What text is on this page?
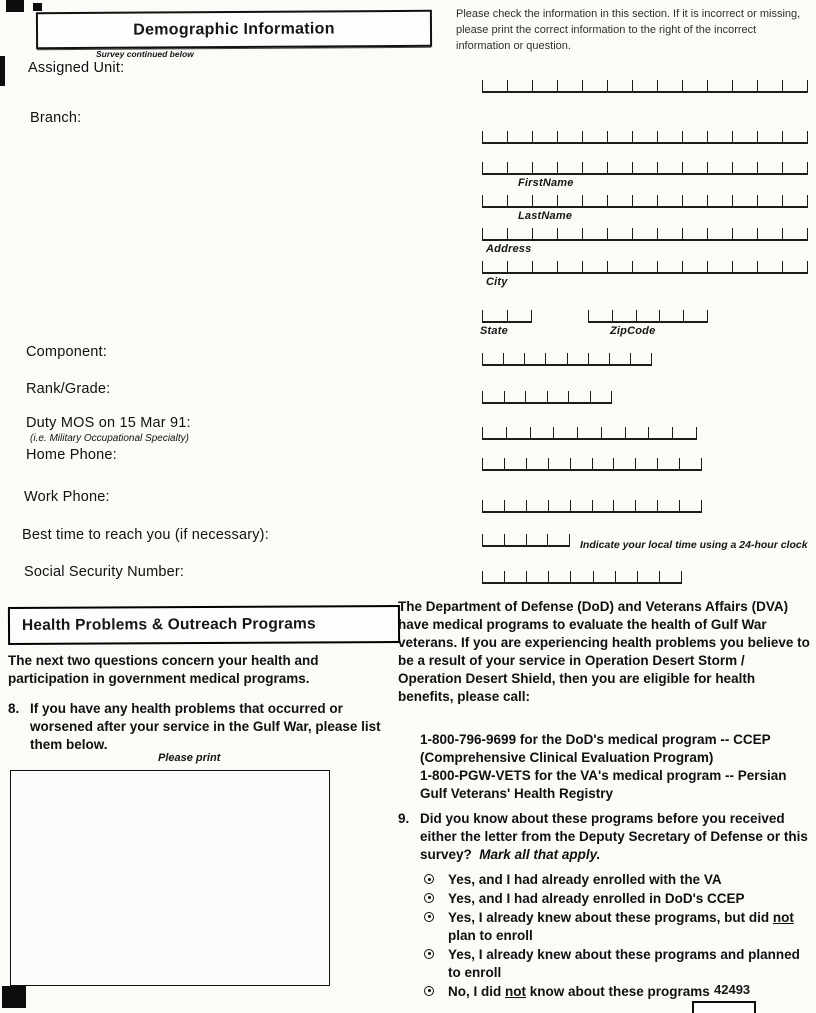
Demographic Information
Survey continued below
Please check the information in this section. If it is incorrect or missing, please print the correct information to the right of the incorrect information or question.
Assigned Unit:
Branch:
Component:
Rank/Grade:
Duty MOS on 15 Mar 91:
(i.e. Military Occupational Specialty)
Home Phone:
Work Phone:
Best time to reach you (if necessary):
Social Security Number:
FirstName
LastName
Address
City
State	ZipCode
Indicate your local time using a 24-hour clock
Health Problems & Outreach Programs
The next two questions concern your health and participation in government medical programs.
8. If you have any health problems that occurred or worsened after your service in the Gulf War, please list them below.
Please print
The Department of Defense (DoD) and Veterans Affairs (DVA) have medical programs to evaluate the health of Gulf War veterans. If you are experiencing health problems you believe to be a result of your service in Operation Desert Storm / Operation Desert Shield, then you are eligible for health benefits, please call:
1-800-796-9699 for the DoD's medical program -- CCEP (Comprehensive Clinical Evaluation Program)
1-800-PGW-VETS for the VA's medical program -- Persian Gulf Veterans' Health Registry
9. Did you know about these programs before you received either the letter from the Deputy Secretary of Defense or this survey? Mark all that apply.
Yes, and I had already enrolled with the VA
Yes, and I had already enrolled in DoD's CCEP
Yes, I already knew about these programs, but did not plan to enroll
Yes, I already knew about these programs and planned to enroll
No, I did not know about these programs 42493
